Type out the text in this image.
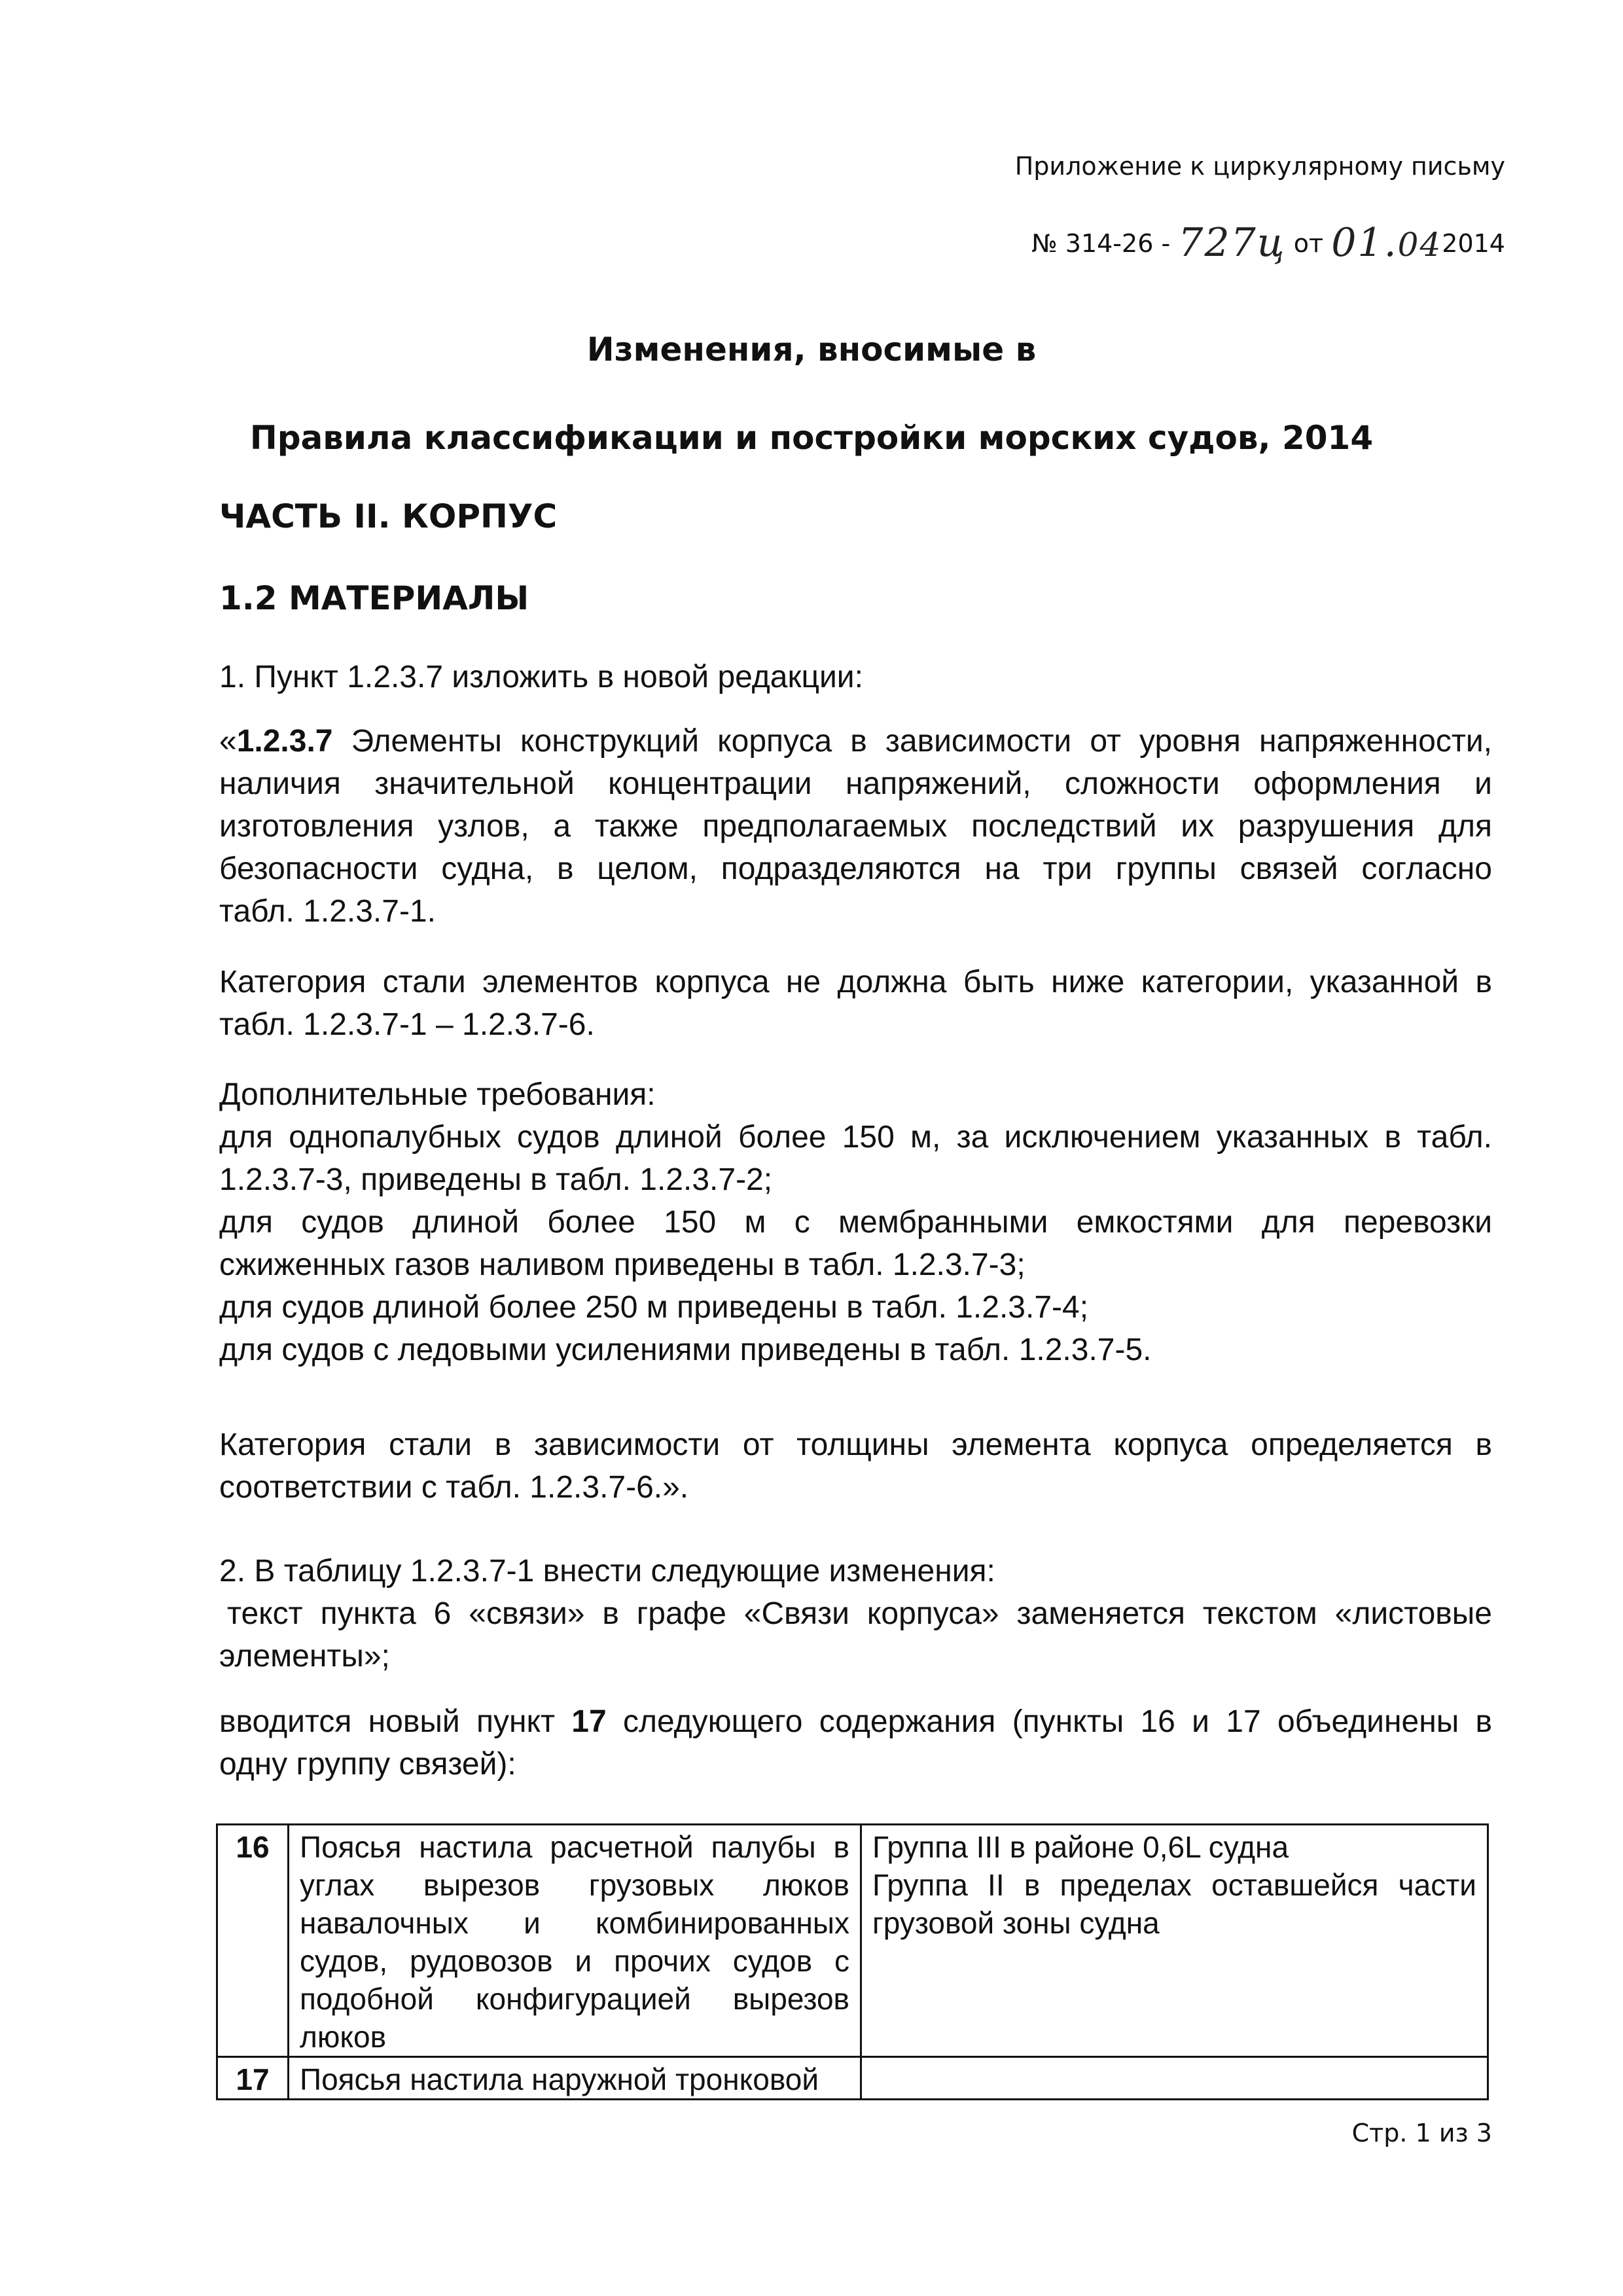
Приложение к циркулярному письму
№ 314-26 - 727ц от 01.042014
Изменения, вносимые в
Правила классификации и постройки морских судов, 2014
ЧАСТЬ II. КОРПУС
1.2 МАТЕРИАЛЫ
1. Пункт 1.2.3.7 изложить в новой редакции:
«1.2.3.7 Элементы конструкций корпуса в зависимости от уровня напряженности,
наличия значительной концентрации напряжений, сложности оформления и
изготовления узлов, а также предполагаемых последствий их разрушения для
безопасности судна, в целом, подразделяются на три группы связей согласно
табл. 1.2.3.7-1.
Категория стали элементов корпуса не должна быть ниже категории, указанной в
табл. 1.2.3.7-1 – 1.2.3.7-6.
Дополнительные требования:
для однопалубных судов длиной более 150 м, за исключением указанных в табл.
1.2.3.7-3, приведены в табл. 1.2.3.7-2;
для судов длиной более 150 м с мембранными емкостями для перевозки
сжиженных газов наливом приведены в табл. 1.2.3.7-3;
для судов длиной более 250 м приведены в табл. 1.2.3.7-4;
для судов с ледовыми усилениями приведены в табл. 1.2.3.7-5.
Категория стали в зависимости от толщины элемента корпуса определяется в
соответствии с табл. 1.2.3.7-6.».
2. В таблицу 1.2.3.7-1 внести следующие изменения:
текст пункта 6 «связи» в графе «Связи корпуса» заменяется текстом «листовые
элементы»;
вводится новый пункт 17 следующего содержания (пункты 16 и 17 объединены в
одну группу связей):
16	Поясья настила расчетной палубы в углах вырезов грузовых люков навалочных и комбинированных судов, рудовозов и прочих судов с подобной конфигурацией вырезов люков	Группа III в районе 0,6L судна
Группа II в пределах оставшейся части грузовой зоны судна

17	Поясья настила наружной тронковой	
Стр. 1 из 3
